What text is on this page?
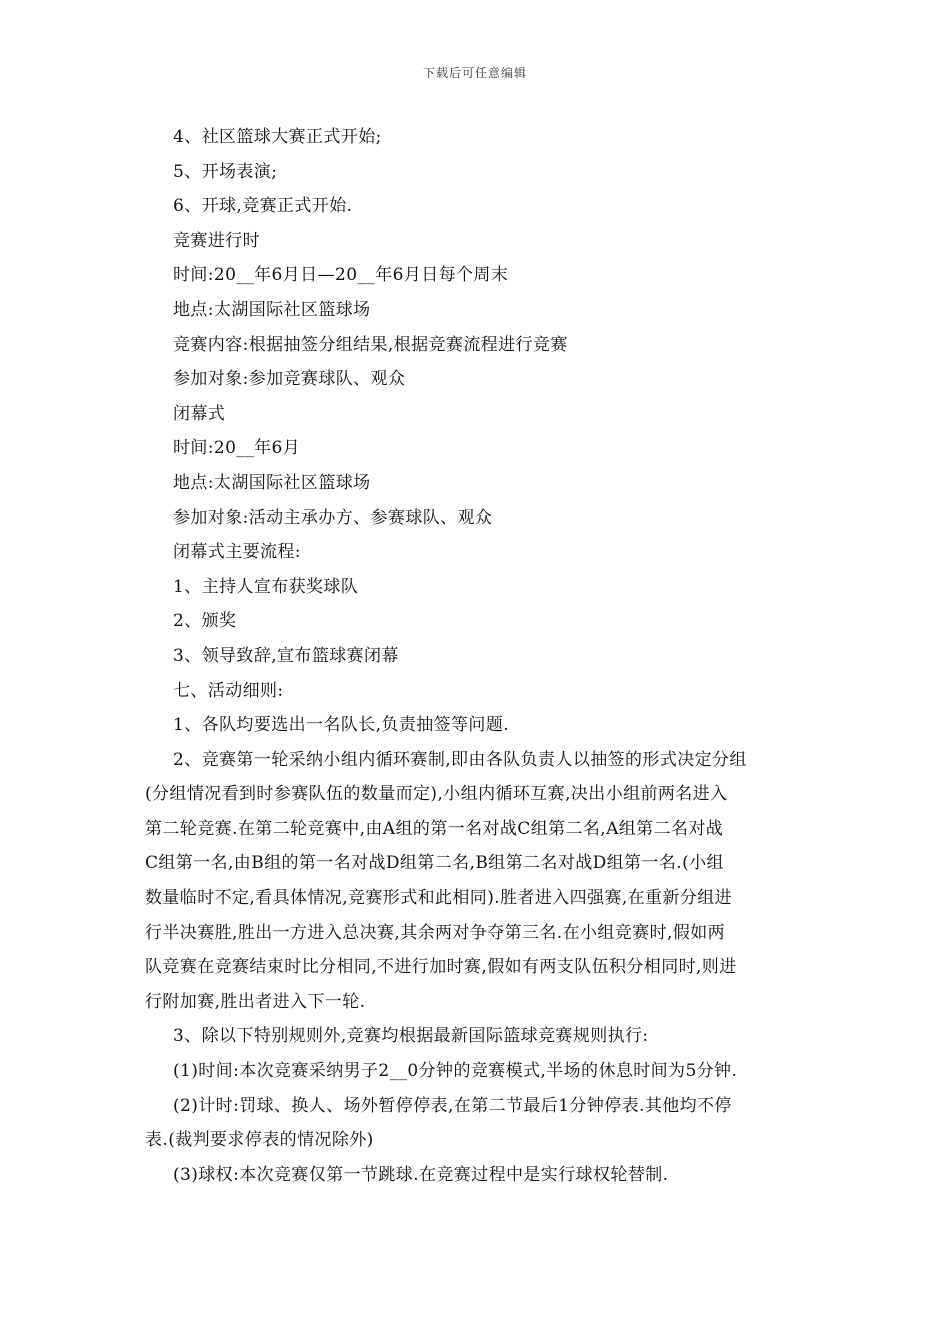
下载后可任意编辑
4、社区篮球大赛正式开始;
5、开场表演;
6、开球,竞赛正式开始.
竞赛进行时
时间:20__年6月日—20__年6月日每个周末
地点:太湖国际社区篮球场
竞赛内容:根据抽签分组结果,根据竞赛流程进行竞赛
参加对象:参加竞赛球队、观众
闭幕式
时间:20__年6月
地点:太湖国际社区篮球场
参加对象:活动主承办方、参赛球队、观众
闭幕式主要流程:
1、主持人宣布获奖球队
2、颁奖
3、领导致辞,宣布篮球赛闭幕
七、活动细则:
1、各队均要选出一名队长,负责抽签等问题.
2、竞赛第一轮采纳小组内循环赛制,即由各队负责人以抽签的形式决定分组
(分组情况看到时参赛队伍的数量而定),小组内循环互赛,决出小组前两名进入
第二轮竞赛.在第二轮竞赛中,由A组的第一名对战C组第二名,A组第二名对战
C组第一名,由B组的第一名对战D组第二名,B组第二名对战D组第一名.(小组
数量临时不定,看具体情况,竞赛形式和此相同).胜者进入四强赛,在重新分组进
行半决赛胜,胜出一方进入总决赛,其余两对争夺第三名.在小组竞赛时,假如两
队竞赛在竞赛结束时比分相同,不进行加时赛,假如有两支队伍积分相同时,则进
行附加赛,胜出者进入下一轮.
3、除以下特别规则外,竞赛均根据最新国际篮球竞赛规则执行:
(1)时间:本次竞赛采纳男子2__0分钟的竞赛模式,半场的休息时间为5分钟.
(2)计时:罚球、换人、场外暂停停表,在第二节最后1分钟停表.其他均不停
表.(裁判要求停表的情况除外)
(3)球权:本次竞赛仅第一节跳球.在竞赛过程中是实行球权轮替制.
